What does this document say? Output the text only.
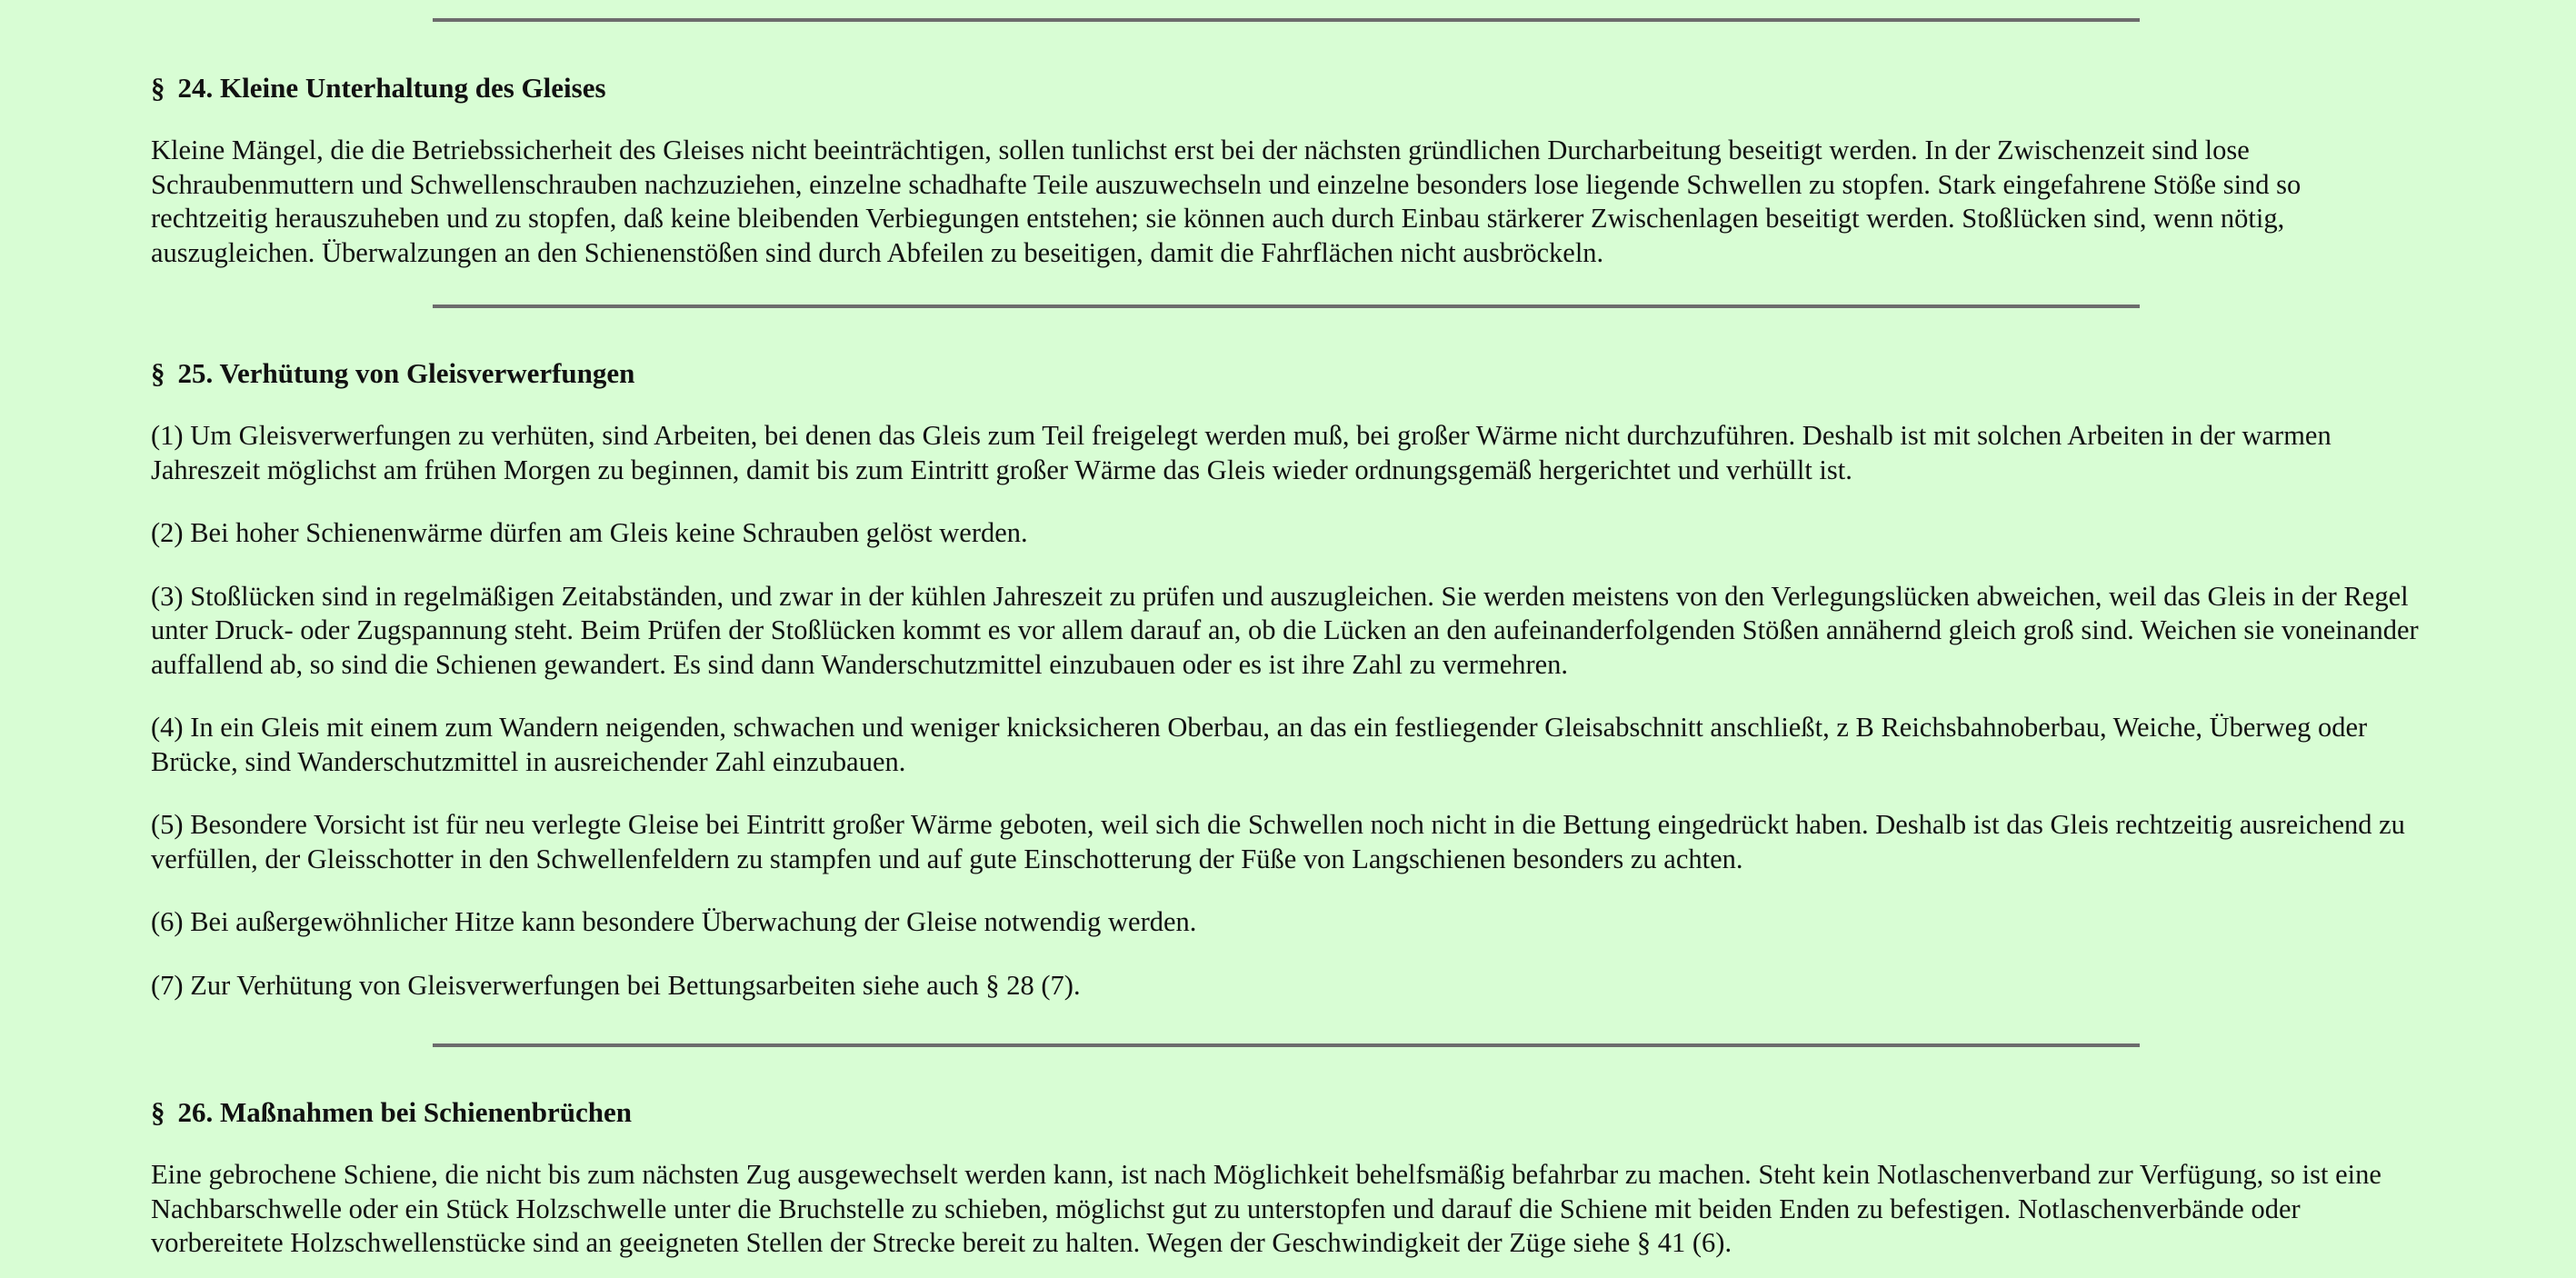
§ 24. Kleine Unterhaltung des Gleises

Kleine Mängel, die die Betriebssicherheit des Gleises nicht beeinträchtigen, sollen tunlichst erst bei der nächsten gründlichen Durcharbeitung beseitigt werden. In der Zwischenzeit sind lose Schraubenmuttern und Schwellenschrauben nachzuziehen, einzelne schadhafte Teile auszuwechseln und einzelne besonders lose liegende Schwellen zu stopfen. Stark eingefahrene Stöße sind so rechtzeitig herauszuheben und zu stopfen, daß keine bleibenden Verbiegungen entstehen; sie können auch durch Einbau stärkerer Zwischenlagen beseitigt werden. Stoßlücken sind, wenn nötig, auszugleichen. Überwalzungen an den Schienenstößen sind durch Abfeilen zu beseitigen, damit die Fahrflächen nicht ausbröckeln.

§ 25. Verhütung von Gleisverwerfungen

(1) Um Gleisverwerfungen zu verhüten, sind Arbeiten, bei denen das Gleis zum Teil freigelegt werden muß, bei großer Wärme nicht durchzuführen. Deshalb ist mit solchen Arbeiten in der warmen Jahreszeit möglichst am frühen Morgen zu beginnen, damit bis zum Eintritt großer Wärme das Gleis wieder ordnungsgemäß hergerichtet und verhüllt ist.

(2) Bei hoher Schienenwärme dürfen am Gleis keine Schrauben gelöst werden.

(3) Stoßlücken sind in regelmäßigen Zeitabständen, und zwar in der kühlen Jahreszeit zu prüfen und auszugleichen. Sie werden meistens von den Verlegungslücken abweichen, weil das Gleis in der Regel unter Druck- oder Zugspannung steht. Beim Prüfen der Stoßlücken kommt es vor allem darauf an, ob die Lücken an den aufeinanderfolgenden Stößen annähernd gleich groß sind. Weichen sie voneinander auffallend ab, so sind die Schienen gewandert. Es sind dann Wanderschutzmittel einzubauen oder es ist ihre Zahl zu vermehren.

(4) In ein Gleis mit einem zum Wandern neigenden, schwachen und weniger knicksicheren Oberbau, an das ein festliegender Gleisabschnitt anschließt, z B Reichsbahnoberbau, Weiche, Überweg oder Brücke, sind Wanderschutzmittel in ausreichender Zahl einzubauen.

(5) Besondere Vorsicht ist für neu verlegte Gleise bei Eintritt großer Wärme geboten, weil sich die Schwellen noch nicht in die Bettung eingedrückt haben. Deshalb ist das Gleis rechtzeitig ausreichend zu verfüllen, der Gleisschotter in den Schwellenfeldern zu stampfen und auf gute Einschotterung der Füße von Langschienen besonders zu achten.

(6) Bei außergewöhnlicher Hitze kann besondere Überwachung der Gleise notwendig werden.

(7) Zur Verhütung von Gleisverwerfungen bei Bettungsarbeiten siehe auch § 28 (7).

§ 26. Maßnahmen bei Schienenbrüchen

Eine gebrochene Schiene, die nicht bis zum nächsten Zug ausgewechselt werden kann, ist nach Möglichkeit behelfsmäßig befahrbar zu machen. Steht kein Notlaschenverband zur Verfügung, so ist eine Nachbarschwelle oder ein Stück Holzschwelle unter die Bruchstelle zu schieben, möglichst gut zu unterstopfen und darauf die Schiene mit beiden Enden zu befestigen. Notlaschenverbände oder vorbereitete Holzschwellenstücke sind an geeigneten Stellen der Strecke bereit zu halten. Wegen der Geschwindigkeit der Züge siehe § 41 (6).
